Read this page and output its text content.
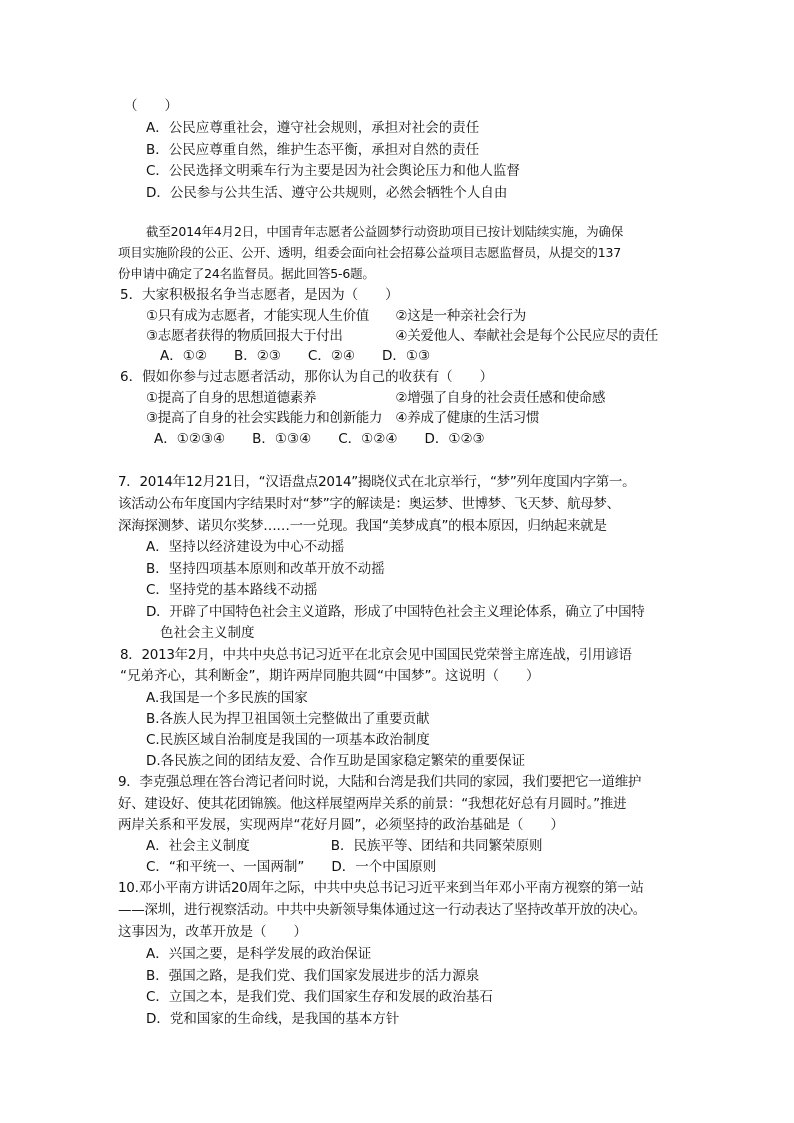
（　　）
A．公民应尊重社会，遵守社会规则，承担对社会的责任
B．公民应尊重自然，维护生态平衡，承担对自然的责任
C．公民选择文明乘车行为主要是因为社会舆论压力和他人监督
D．公民参与公共生活、遵守公共规则，必然会牺牲个人自由
截至2014年4月2日，中国青年志愿者公益圆梦行动资助项目已按计划陆续实施，为确保
项目实施阶段的公正、公开、透明，组委会面向社会招募公益项目志愿监督员，从提交的137
份申请中确定了24名监督员。据此回答5-6题。
5．大家积极报名争当志愿者，是因为（　　）
①只有成为志愿者，才能实现人生价值　　②这是一种亲社会行为
③志愿者获得的物质回报大于付出　　　　④关爱他人、奉献社会是每个公民应尽的责任
A．①②　　B．②③　　C．②④　　D．①③
6．假如你参与过志愿者活动，那你认为自己的收获有（　　）
①提高了自身的思想道德素养　　　　　　②增强了自身的社会责任感和使命感
③提高了自身的社会实践能力和创新能力　④养成了健康的生活习惯
A．①②③④　　B．①③④　　C．①②④　　D．①②③
7．2014年12月21日，“汉语盘点2014”揭晓仪式在北京举行，“梦”列年度国内字第一。
该活动公布年度国内字结果时对“梦”字的解读是：奥运梦、世博梦、飞天梦、航母梦、
深海探测梦、诺贝尔奖梦……一一兑现。我国“美梦成真”的根本原因，归纳起来就是
A．坚持以经济建设为中心不动摇
B．坚持四项基本原则和改革开放不动摇
C．坚持党的基本路线不动摇
D．开辟了中国特色社会主义道路，形成了中国特色社会主义理论体系，确立了中国特
色社会主义制度
8．2013年2月，中共中央总书记习近平在北京会见中国国民党荣誉主席连战，引用谚语
“兄弟齐心，其利断金”，期许两岸同胞共圆“中国梦”。这说明（　　）
A.我国是一个多民族的国家
B.各族人民为捍卫祖国领土完整做出了重要贡献
C.民族区域自治制度是我国的一项基本政治制度
D.各民族之间的团结友爱、合作互助是国家稳定繁荣的重要保证
9．李克强总理在答台湾记者问时说，大陆和台湾是我们共同的家园，我们要把它一道维护
好、建设好、使其花团锦簇。他这样展望两岸关系的前景：“我想花好总有月圆时。”推进
两岸关系和平发展，实现两岸“花好月圆”，必须坚持的政治基础是（　　）
A．社会主义制度　　　　　　B．民族平等、团结和共同繁荣原则
C．“和平统一、一国两制”　　D．一个中国原则
10.邓小平南方讲话20周年之际，中共中央总书记习近平来到当年邓小平南方视察的第一站
——深圳，进行视察活动。中共中央新领导集体通过这一行动表达了坚持改革开放的决心。
这事因为，改革开放是（　　）
A．兴国之要，是科学发展的政治保证
B．强国之路，是我们党、我们国家发展进步的活力源泉
C．立国之本，是我们党、我们国家生存和发展的政治基石
D．党和国家的生命线，是我国的基本方针
